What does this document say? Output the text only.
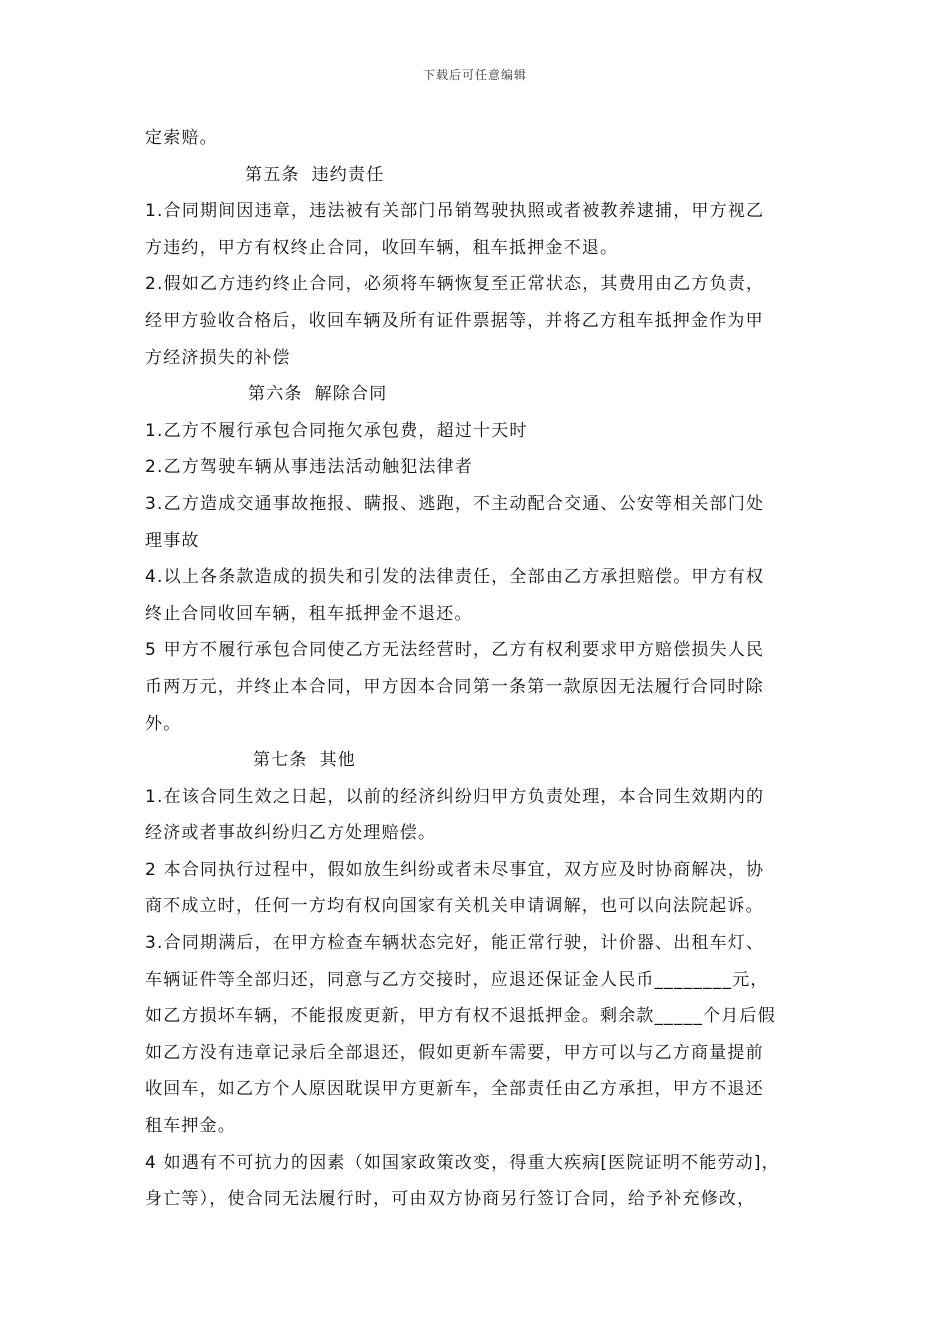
下载后可任意编辑
定索赔。
第五条 违约责任
1.合同期间因违章，违法被有关部门吊销驾驶执照或者被教养逮捕，甲方视乙
方违约，甲方有权终止合同，收回车辆，租车抵押金不退。
2.假如乙方违约终止合同，必须将车辆恢复至正常状态，其费用由乙方负责，
经甲方验收合格后，收回车辆及所有证件票据等，并将乙方租车抵押金作为甲
方经济损失的补偿
第六条 解除合同
1.乙方不履行承包合同拖欠承包费，超过十天时
2.乙方驾驶车辆从事违法活动触犯法律者
3.乙方造成交通事故拖报、瞒报、逃跑，不主动配合交通、公安等相关部门处
理事故
4.以上各条款造成的损失和引发的法律责任，全部由乙方承担赔偿。甲方有权
终止合同收回车辆，租车抵押金不退还。
5 甲方不履行承包合同使乙方无法经营时，乙方有权利要求甲方赔偿损失人民
币两万元，并终止本合同，甲方因本合同第一条第一款原因无法履行合同时除
外。
第七条 其他
1.在该合同生效之日起，以前的经济纠纷归甲方负责处理，本合同生效期内的
经济或者事故纠纷归乙方处理赔偿。
2 本合同执行过程中，假如放生纠纷或者未尽事宜，双方应及时协商解决，协
商不成立时，任何一方均有权向国家有关机关申请调解，也可以向法院起诉。
3.合同期满后，在甲方检查车辆状态完好，能正常行驶，计价器、出租车灯、
车辆证件等全部归还，同意与乙方交接时，应退还保证金人民币________元，
如乙方损坏车辆，不能报废更新，甲方有权不退抵押金。剩余款_____个月后假
如乙方没有违章记录后全部退还，假如更新车需要，甲方可以与乙方商量提前
收回车，如乙方个人原因耽误甲方更新车，全部责任由乙方承担，甲方不退还
租车押金。
4 如遇有不可抗力的因素（如国家政策改变，得重大疾病[医院证明不能劳动]，
身亡等），使合同无法履行时，可由双方协商另行签订合同，给予补充修改，
